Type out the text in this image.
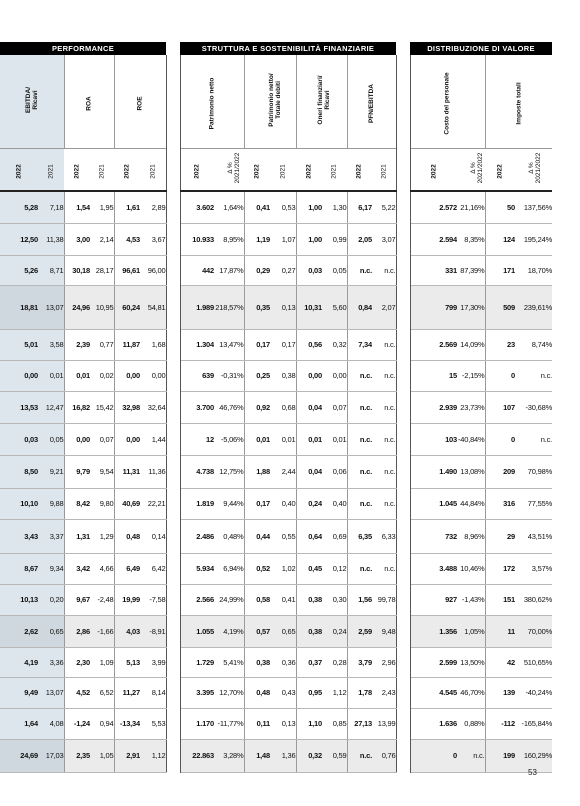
PERFORMANCE							STRUTTURA E SOSTENIBILITÀ FINANZIARIE									DISTRIBUZIONE DI VALORE			
EBITDA/ Ricavi		ROA		ROE			Patrimonio netto		Patrimonio netto/ Totale debiti		Oneri finanziari/ Ricavi		PFN/EBITDA			Costo del personale		Imposte totali	
2022	2021	2022	2021	2022	2021		2022	Δ % 2021/2022	2022	2021	2022	2021	2022	2021		2022	Δ % 2021/2022	2022	Δ % 2021/2022
5,28	7,18	1,54	1,95	1,61	2,89		3.602	1,64%	0,41	0,53	1,00	1,30	6,17	5,22		2.572	21,16%	50	137,56%
12,50	11,38	3,00	2,14	4,53	3,67		10.933	8,95%	1,19	1,07	1,00	0,99	2,05	3,07		2.594	8,35%	124	195,24%
5,26	8,71	30,18	28,17	96,61	96,00		442	17,87%	0,29	0,27	0,03	0,05	n.c.	n.c.		331	87,39%	171	18,70%
18,81	13,07	24,96	10,95	60,24	54,81		1.989	218,57%	0,35	0,13	10,31	5,60	0,84	2,07		799	17,30%	509	239,61%
5,01	3,58	2,39	0,77	11,87	1,68		1.304	13,47%	0,17	0,17	0,56	0,32	7,34	n.c.		2.569	14,09%	23	8,74%
0,00	0,01	0,01	0,02	0,00	0,00		639	-0,31%	0,25	0,38	0,00	0,00	n.c.	n.c.		15	-2,15%	0	n.c.
13,53	12,47	16,82	15,42	32,98	32,64		3.700	46,76%	0,92	0,68	0,04	0,07	n.c.	n.c.		2.939	23,73%	107	-30,68%
0,03	0,05	0,00	0,07	0,00	1,44		12	-5,06%	0,01	0,01	0,01	0,01	n.c.	n.c.		103	-40,84%	0	n.c.
8,50	9,21	9,79	9,54	11,31	11,36		4.738	12,75%	1,88	2,44	0,04	0,06	n.c.	n.c.		1.490	13,08%	209	70,98%
10,10	9,88	8,42	9,80	40,69	22,21		1.819	9,44%	0,17	0,40	0,24	0,40	n.c.	n.c.		1.045	44,84%	316	77,55%
3,43	3,37	1,31	1,29	0,48	0,14		2.486	0,48%	0,44	0,55	0,64	0,69	6,35	6,33		732	8,96%	29	43,51%
8,67	9,34	3,42	4,66	6,49	6,42		5.934	6,94%	0,52	1,02	0,45	0,12	n.c.	n.c.		3.488	10,46%	172	3,57%
10,13	0,20	9,67	-2,48	19,99	-7,58		2.566	24,99%	0,58	0,41	0,38	0,30	1,56	99,78		927	-1,43%	151	380,62%
2,62	0,65	2,86	-1,66	4,03	-8,91		1.055	4,19%	0,57	0,65	0,38	0,24	2,59	9,48		1.356	1,05%	11	70,00%
4,19	3,36	2,30	1,09	5,13	3,99		1.729	5,41%	0,38	0,36	0,37	0,28	3,79	2,96		2.599	13,50%	42	510,65%
9,49	13,07	4,52	6,52	11,27	8,14		3.395	12,70%	0,48	0,43	0,95	1,12	1,78	2,43		4.545	46,70%	139	-40,24%
1,64	4,08	-1,24	0,94	-13,34	5,53		1.170	-11,77%	0,11	0,13	1,10	0,85	27,13	13,99		1.636	0,88%	-112	-165,84%
24,69	17,03	2,35	1,05	2,91	1,12		22.863	3,28%	1,48	1,36	0,32	0,59	n.c.	0,76		0	n.c.	199	160,29%
53
